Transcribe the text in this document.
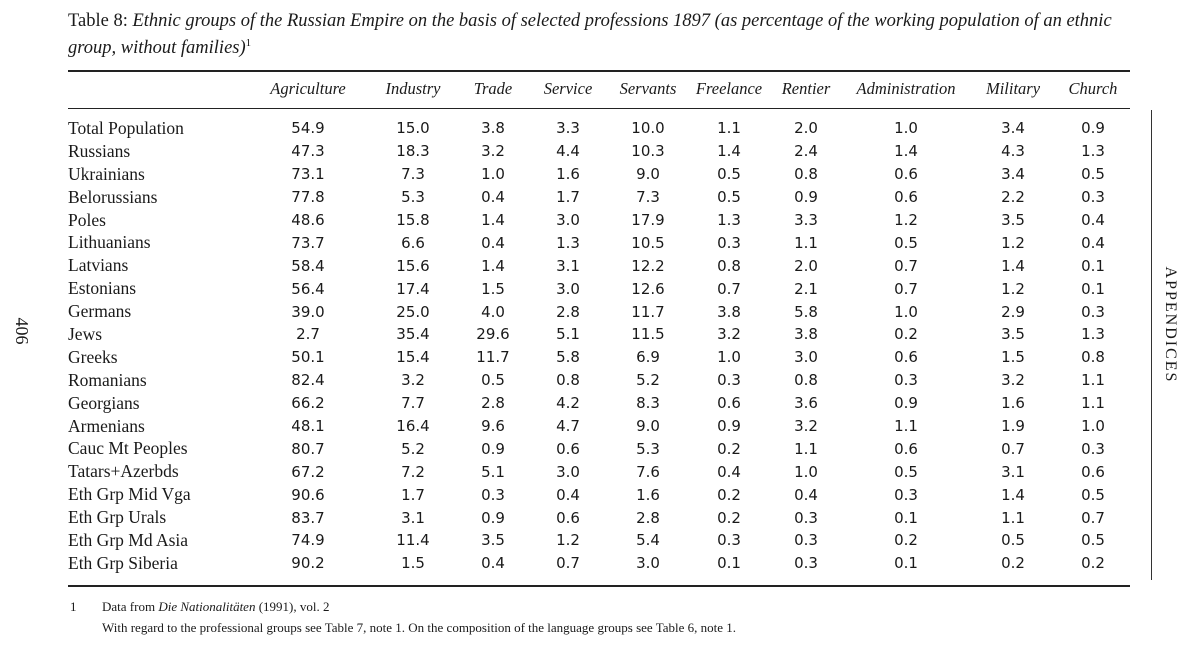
Table 8: Ethnic groups of the Russian Empire on the basis of selected professions 1897 (as percentage of the working population of an ethnic group, without families)$^1$
	Agriculture	Industry	Trade	Service	Servants	Freelance	Rentier	Administration	Military	Church

Total Population	54.9	15.0	3.8	3.3	10.0	1.1	2.0	1.0	3.4	0.9
Russians	47.3	18.3	3.2	4.4	10.3	1.4	2.4	1.4	4.3	1.3
Ukrainians	73.1	7.3	1.0	1.6	9.0	0.5	0.8	0.6	3.4	0.5
Belorussians	77.8	5.3	0.4	1.7	7.3	0.5	0.9	0.6	2.2	0.3
Poles	48.6	15.8	1.4	3.0	17.9	1.3	3.3	1.2	3.5	0.4
Lithuanians	73.7	6.6	0.4	1.3	10.5	0.3	1.1	0.5	1.2	0.4
Latvians	58.4	15.6	1.4	3.1	12.2	0.8	2.0	0.7	1.4	0.1
Estonians	56.4	17.4	1.5	3.0	12.6	0.7	2.1	0.7	1.2	0.1
Germans	39.0	25.0	4.0	2.8	11.7	3.8	5.8	1.0	2.9	0.3
Jews	2.7	35.4	29.6	5.1	11.5	3.2	3.8	0.2	3.5	1.3
Greeks	50.1	15.4	11.7	5.8	6.9	1.0	3.0	0.6	1.5	0.8
Romanians	82.4	3.2	0.5	0.8	5.2	0.3	0.8	0.3	3.2	1.1
Georgians	66.2	7.7	2.8	4.2	8.3	0.6	3.6	0.9	1.6	1.1
Armenians	48.1	16.4	9.6	4.7	9.0	0.9	3.2	1.1	1.9	1.0
Cauc Mt Peoples	80.7	5.2	0.9	0.6	5.3	0.2	1.1	0.6	0.7	0.3
Tatars+Azerbds	67.2	7.2	5.1	3.0	7.6	0.4	1.0	0.5	3.1	0.6
Eth Grp Mid Vga	90.6	1.7	0.3	0.4	1.6	0.2	0.4	0.3	1.4	0.5
Eth Grp Urals	83.7	3.1	0.9	0.6	2.8	0.2	0.3	0.1	1.1	0.7
Eth Grp Md Asia	74.9	11.4	3.5	1.2	5.4	0.3	0.3	0.2	0.5	0.5
Eth Grp Siberia	90.2	1.5	0.4	0.7	3.0	0.1	0.3	0.1	0.2	0.2
406	APPENDICES
1 Data from Die Nationalitäten (1991), vol. 2
With regard to the professional groups see Table 7, note 1. On the composition of the language groups see Table 6, note 1.
